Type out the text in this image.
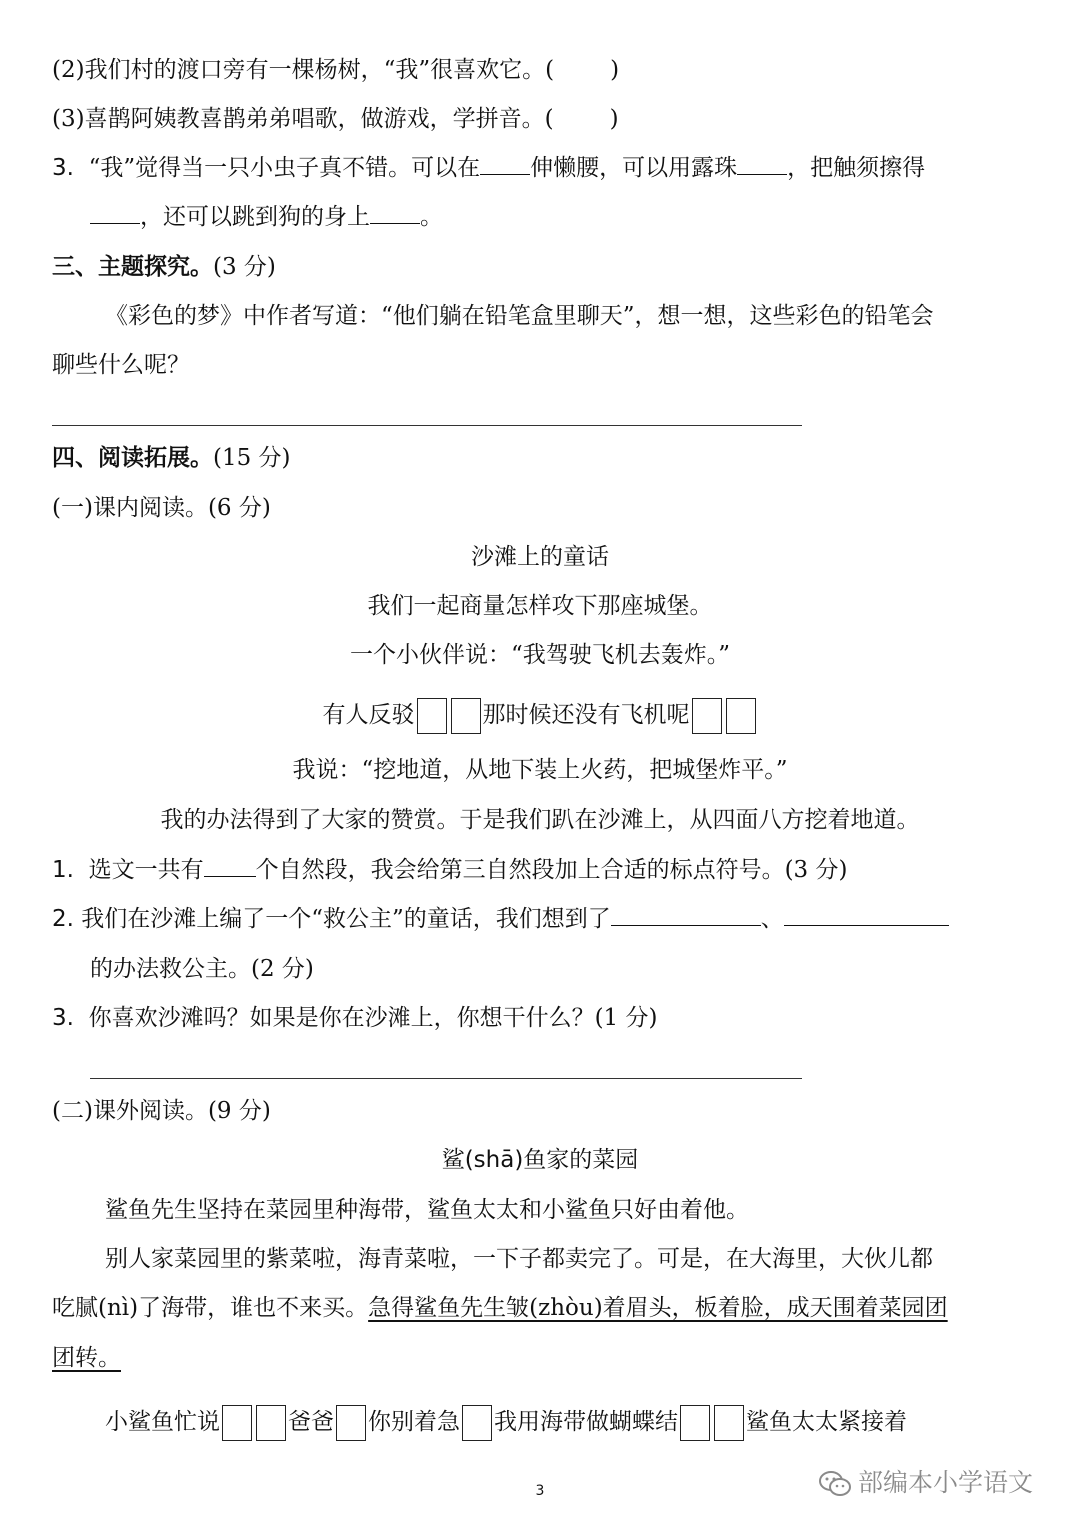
(2)我们村的渡口旁有一棵杨树，“我”很喜欢它。( )
(3)喜鹊阿姨教喜鹊弟弟唱歌，做游戏，学拼音。( )
3. “我”觉得当一只小虫子真不错。可以在 伸懒腰，可以用露珠 ，把触须擦得
，还可以跳到狗的身上 。
三、主题探究。(3 分)
《彩色的梦》中作者写道：“他们躺在铅笔盒里聊天”，想一想，这些彩色的铅笔会
聊些什么呢？
四、阅读拓展。(15 分)
(一)课内阅读。(6 分)
沙滩上的童话
我们一起商量怎样攻下那座城堡。
一个小伙伴说：“我驾驶飞机去轰炸。”
有人反驳	那时候还没有飞机呢
我说：“挖地道，从地下装上火药，把城堡炸平。”
我的办法得到了大家的赞赏。于是我们趴在沙滩上，从四面八方挖着地道。
1. 选文一共有 个自然段，我会给第三自然段加上合适的标点符号。(3 分)
2. 我们在沙滩上编了一个“救公主”的童话，我们想到了	、
的办法救公主。(2 分)
3. 你喜欢沙滩吗？如果是你在沙滩上，你想干什么？(1 分)
(二)课外阅读。(9 分)
鲨(shā)鱼家的菜园
鲨鱼先生坚持在菜园里种海带，鲨鱼太太和小鲨鱼只好由着他。
别人家菜园里的紫菜啦，海青菜啦，一下子都卖完了。可是，在大海里，大伙儿都
吃腻(nì)了海带，谁也不来买。急得鲨鱼先生皱(zhòu)着眉头，板着脸，成天围着菜园团
团转。
小鲨鱼忙说	爸爸 你别着急 我用海带做蝴蝶结	鲨鱼太太紧接着
3	部编本小学语文
